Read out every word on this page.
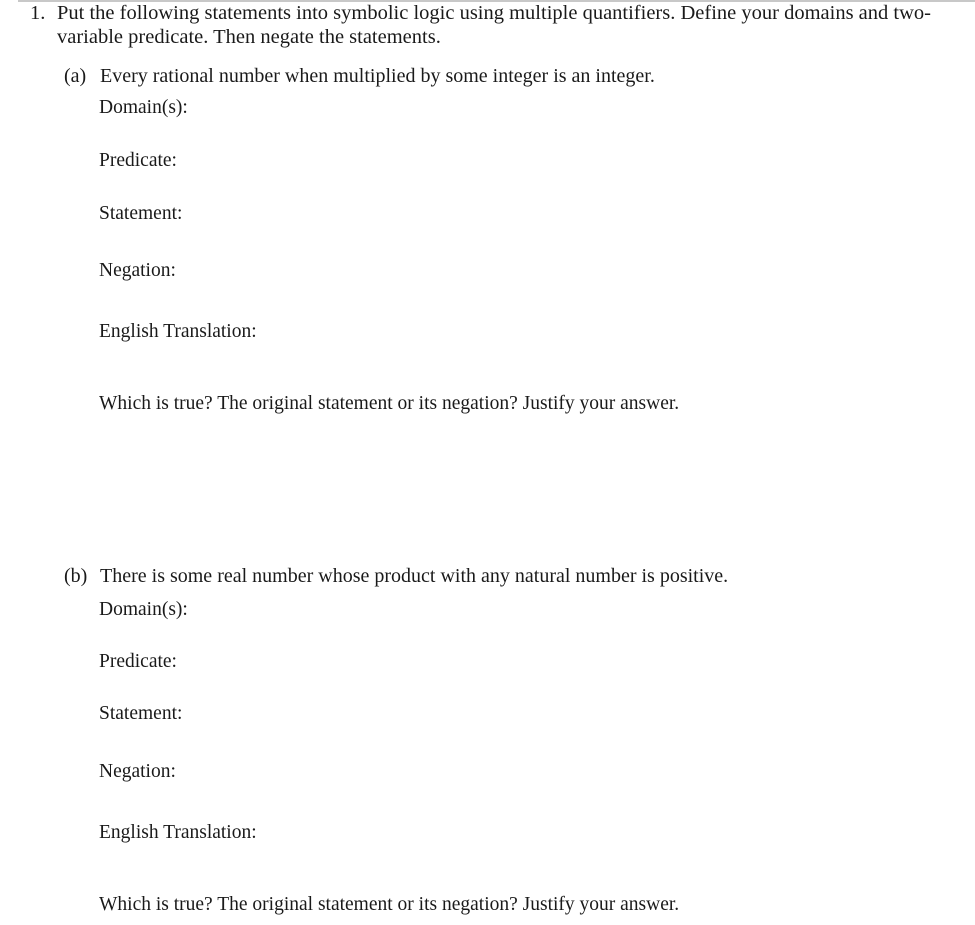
1. Put the following statements into symbolic logic using multiple quantifiers. Define your domains and two-
variable predicate. Then negate the statements.
(a) Every rational number when multiplied by some integer is an integer.
Domain(s):
Predicate:
Statement:
Negation:
English Translation:
Which is true? The original statement or its negation? Justify your answer.
(b) There is some real number whose product with any natural number is positive.
Domain(s):
Predicate:
Statement:
Negation:
English Translation:
Which is true? The original statement or its negation? Justify your answer.
